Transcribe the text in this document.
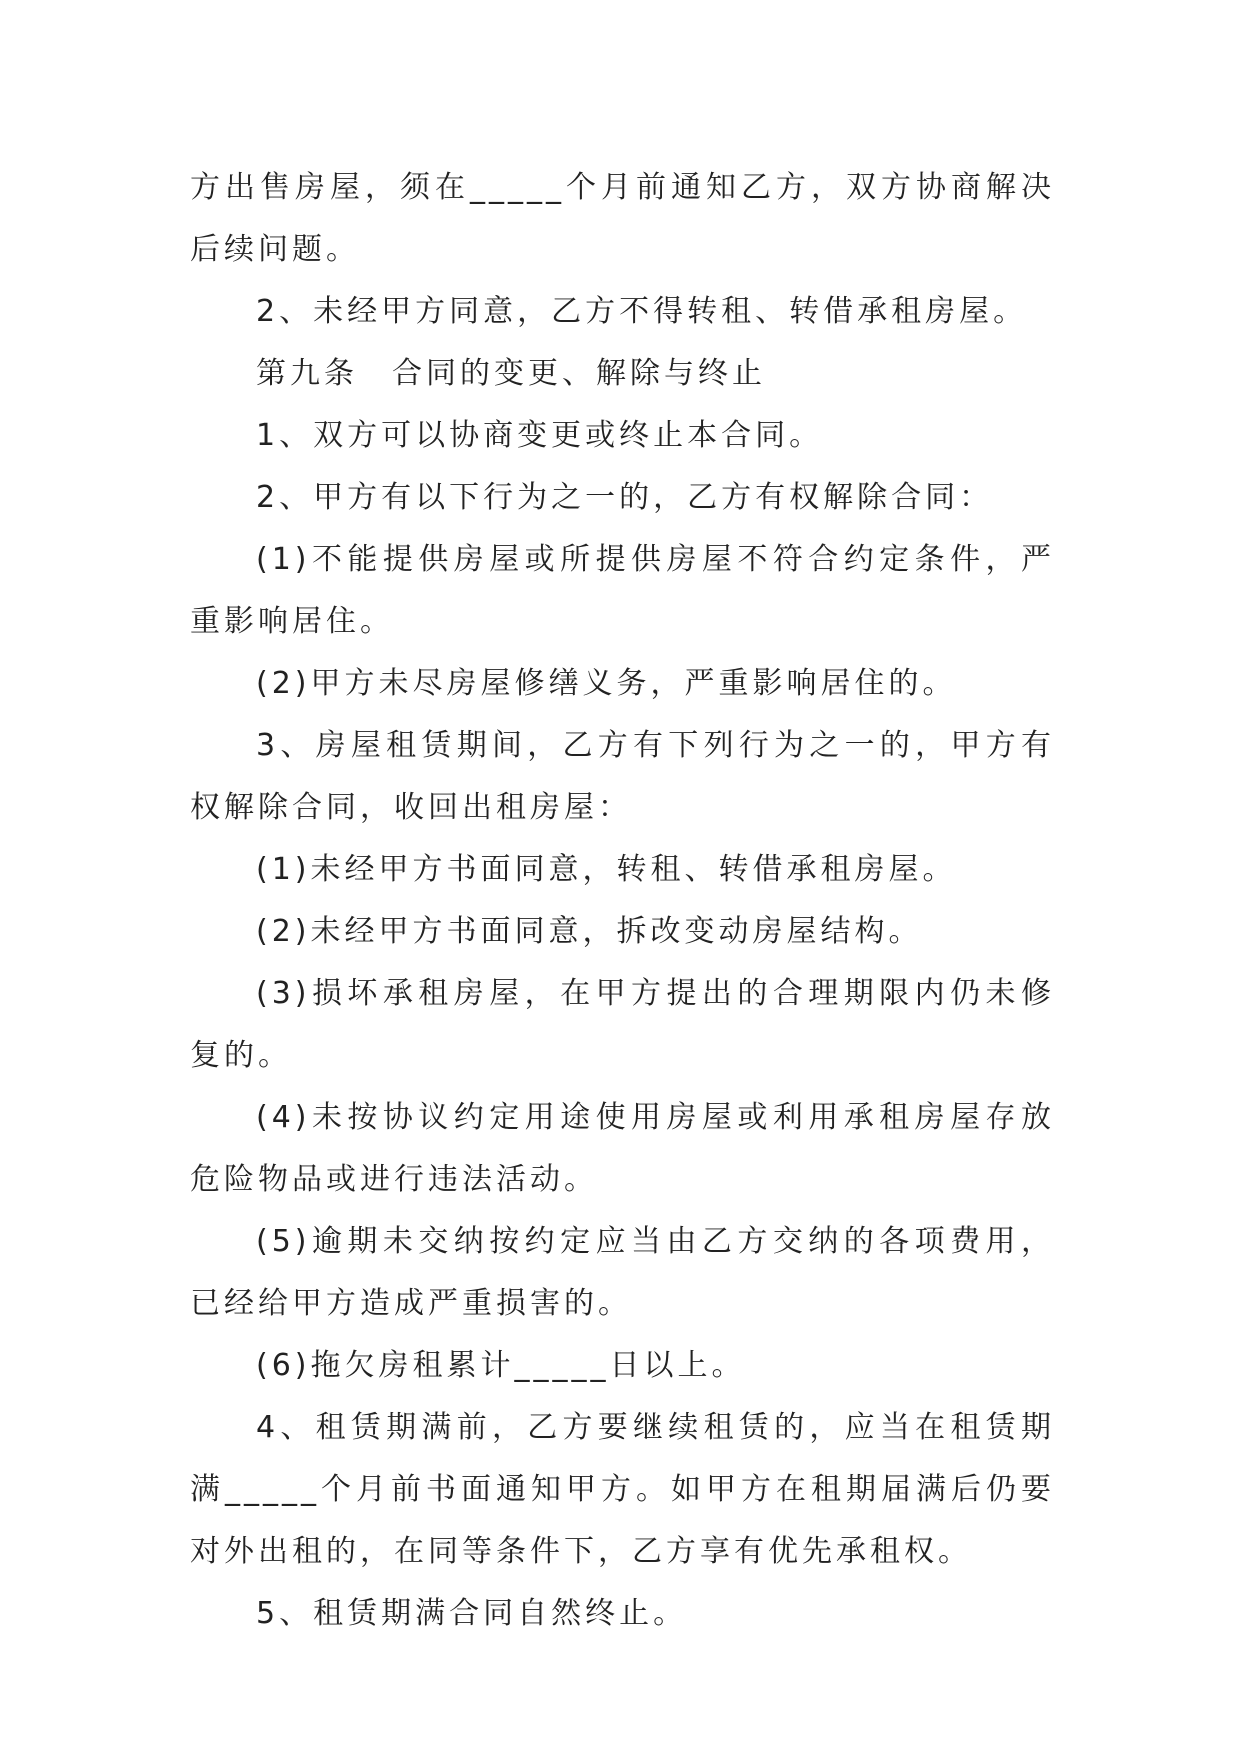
方出售房屋，须在_____个月前通知乙方，双方协商解决后续问题。

2、未经甲方同意，乙方不得转租、转借承租房屋。

第九条　合同的变更、解除与终止

1、双方可以协商变更或终止本合同。

2、甲方有以下行为之一的，乙方有权解除合同：

(1)不能提供房屋或所提供房屋不符合约定条件，严重影响居住。

(2)甲方未尽房屋修缮义务，严重影响居住的。

3、房屋租赁期间，乙方有下列行为之一的，甲方有权解除合同，收回出租房屋：

(1)未经甲方书面同意，转租、转借承租房屋。

(2)未经甲方书面同意，拆改变动房屋结构。

(3)损坏承租房屋，在甲方提出的合理期限内仍未修复的。

(4)未按协议约定用途使用房屋或利用承租房屋存放危险物品或进行违法活动。

(5)逾期未交纳按约定应当由乙方交纳的各项费用，已经给甲方造成严重损害的。

(6)拖欠房租累计_____日以上。

4、租赁期满前，乙方要继续租赁的，应当在租赁期满_____个月前书面通知甲方。如甲方在租期届满后仍要对外出租的，在同等条件下，乙方享有优先承租权。

5、租赁期满合同自然终止。
